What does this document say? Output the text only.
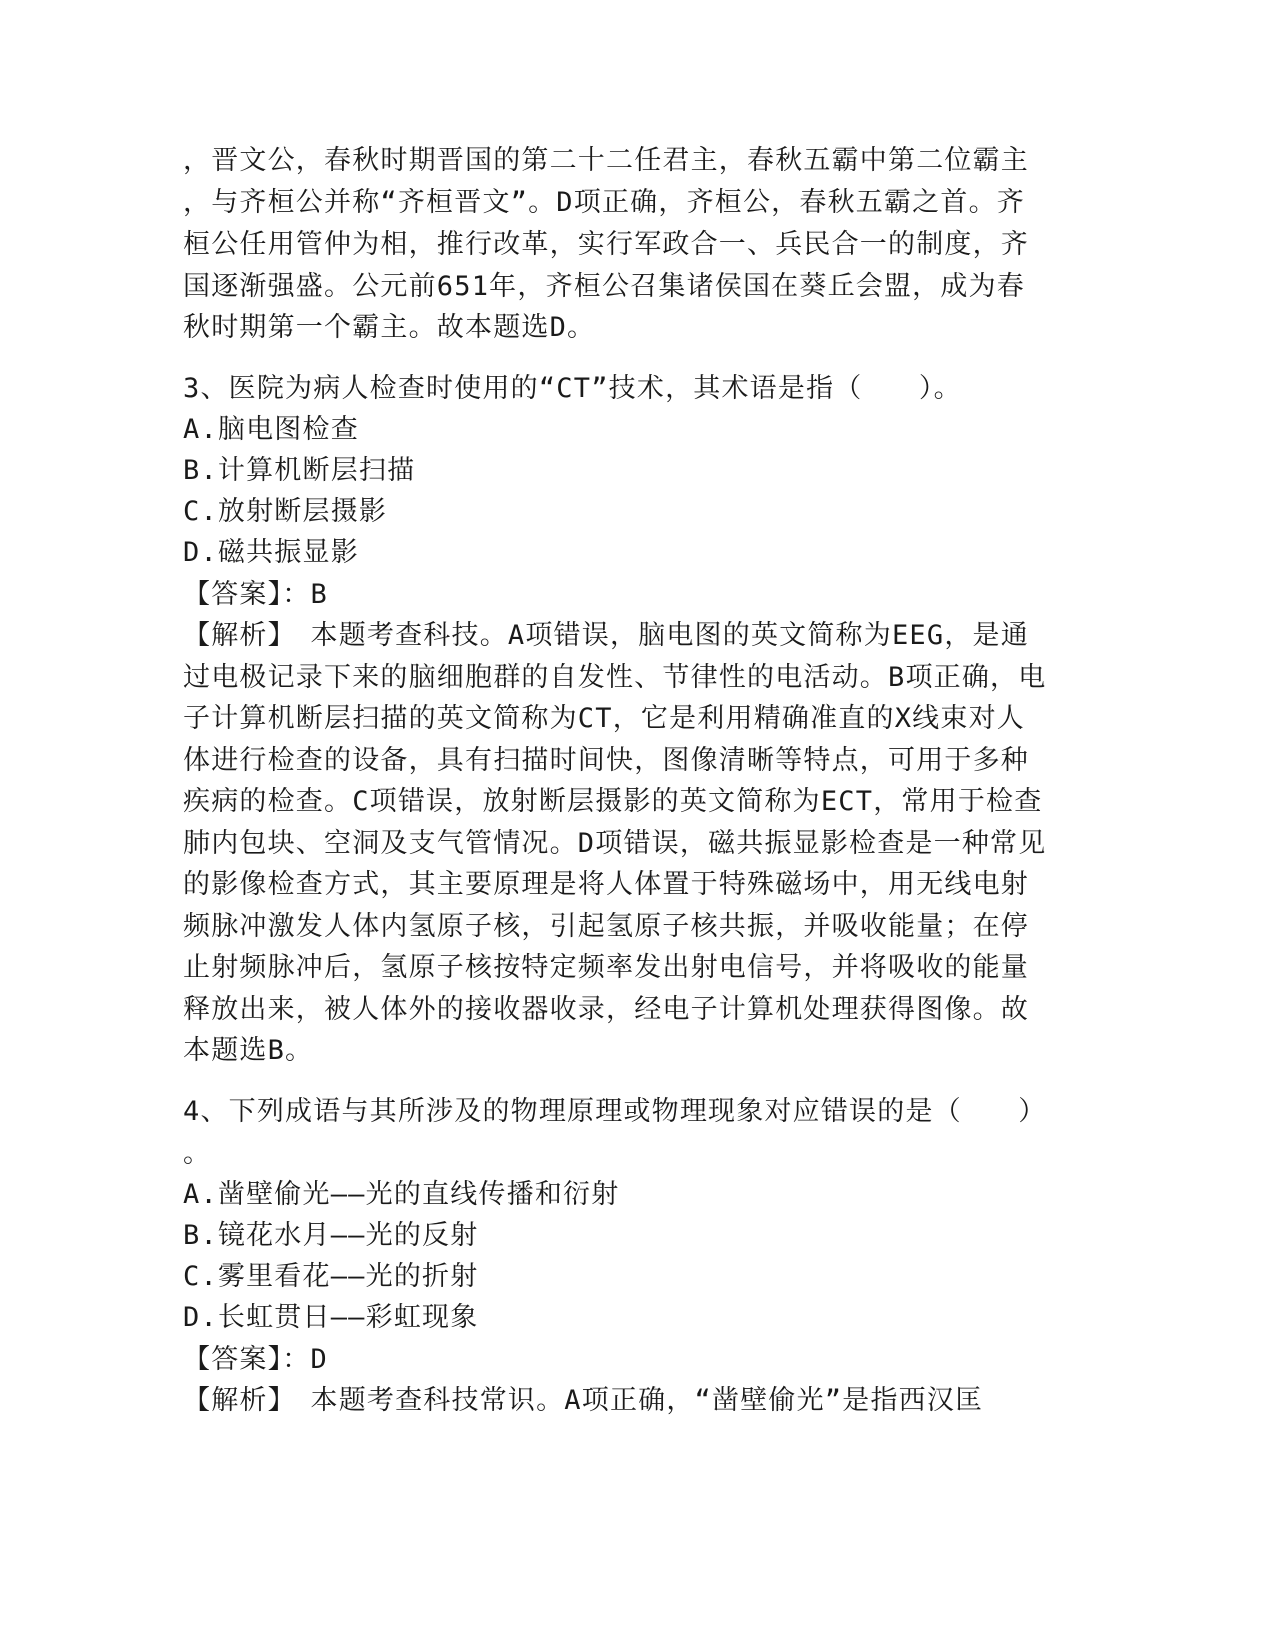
，晋文公，春秋时期晋国的第二十二任君主，春秋五霸中第二位霸主
，与齐桓公并称“齐桓晋文”。D项正确，齐桓公，春秋五霸之首。齐
桓公任用管仲为相，推行改革，实行军政合一、兵民合一的制度，齐
国逐渐强盛。公元前651年，齐桓公召集诸侯国在葵丘会盟，成为春
秋时期第一个霸主。故本题选D。
3、医院为病人检查时使用的“CT”技术，其术语是指（　　）。
A.脑电图检查
B.计算机断层扫描
C.放射断层摄影
D.磁共振显影
【答案】：B
【解析】　本题考查科技。A项错误，脑电图的英文简称为EEG，是通
过电极记录下来的脑细胞群的自发性、节律性的电活动。B项正确，电
子计算机断层扫描的英文简称为CT，它是利用精确准直的X线束对人
体进行检查的设备，具有扫描时间快，图像清晰等特点，可用于多种
疾病的检查。C项错误，放射断层摄影的英文简称为ECT，常用于检查
肺内包块、空洞及支气管情况。D项错误，磁共振显影检查是一种常见
的影像检查方式，其主要原理是将人体置于特殊磁场中，用无线电射
频脉冲激发人体内氢原子核，引起氢原子核共振，并吸收能量；在停
止射频脉冲后，氢原子核按特定频率发出射电信号，并将吸收的能量
释放出来，被人体外的接收器收录，经电子计算机处理获得图像。故
本题选B。
4、下列成语与其所涉及的物理原理或物理现象对应错误的是（　　）
。
A.凿壁偷光——光的直线传播和衍射
B.镜花水月——光的反射
C.雾里看花——光的折射
D.长虹贯日——彩虹现象
【答案】：D
【解析】　本题考查科技常识。A项正确，“凿壁偷光”是指西汉匡
